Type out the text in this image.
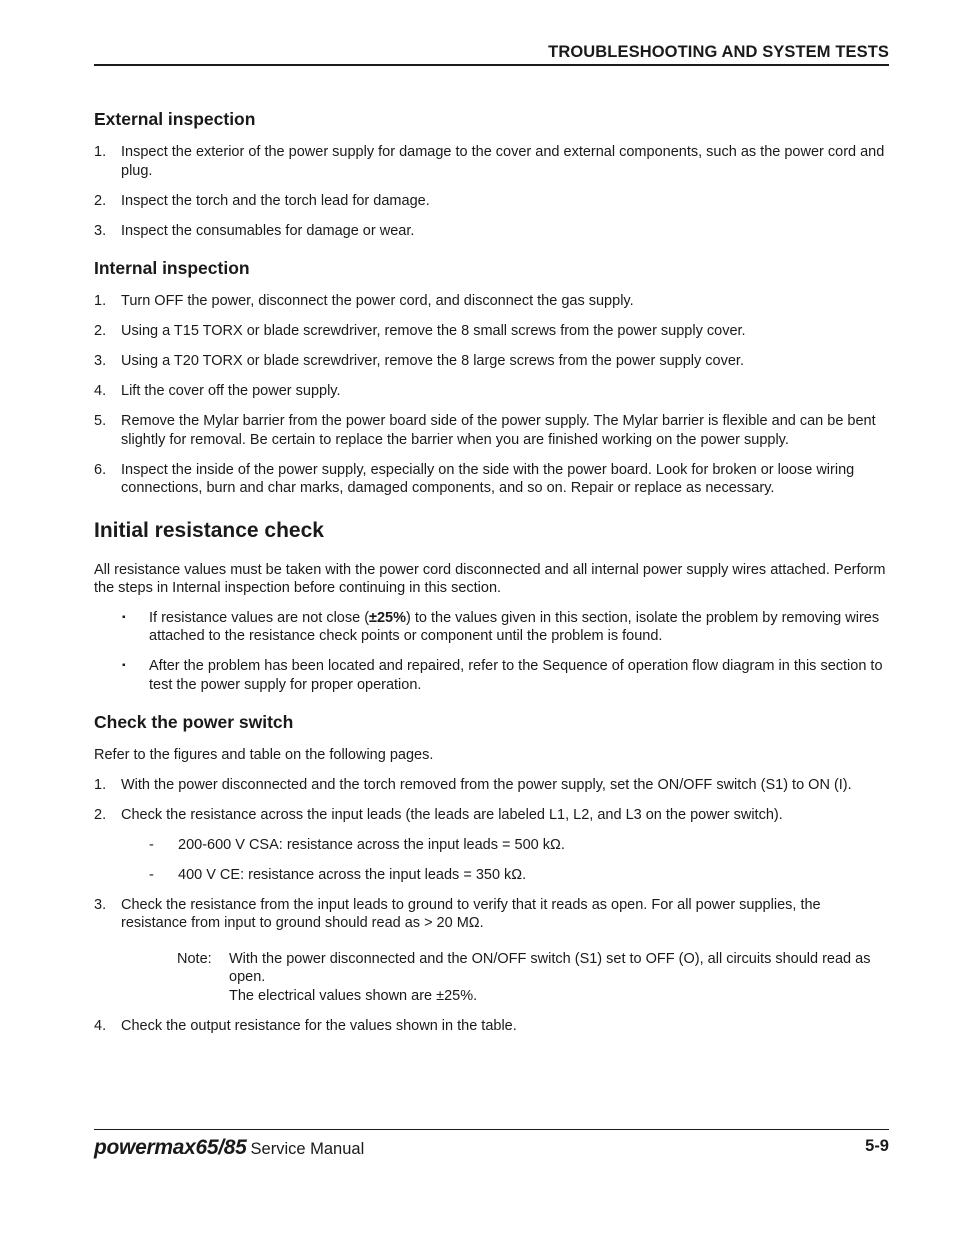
TROUBLESHOOTING AND SYSTEM TESTS
External inspection
1. Inspect the exterior of the power supply for damage to the cover and external components, such as the power cord and plug.
2. Inspect the torch and the torch lead for damage.
3. Inspect the consumables for damage or wear.
Internal inspection
1. Turn OFF the power, disconnect the power cord, and disconnect the gas supply.
2. Using a T15 TORX or blade screwdriver, remove the 8 small screws from the power supply cover.
3. Using a T20 TORX or blade screwdriver, remove the 8 large screws from the power supply cover.
4. Lift the cover off the power supply.
5. Remove the Mylar barrier from the power board side of the power supply. The Mylar barrier is flexible and can be bent slightly for removal. Be certain to replace the barrier when you are finished working on the power supply.
6. Inspect the inside of the power supply, especially on the side with the power board. Look for broken or loose wiring connections, burn and char marks, damaged components, and so on. Repair or replace as necessary.
Initial resistance check

All resistance values must be taken with the power cord disconnected and all internal power supply wires attached. Perform the steps in Internal inspection before continuing in this section.

▪ If resistance values are not close (±25%) to the values given in this section, isolate the problem by removing wires attached to the resistance check points or component until the problem is found.
▪ After the problem has been located and repaired, refer to the Sequence of operation flow diagram in this section to test the power supply for proper operation.
Check the power switch

Refer to the figures and table on the following pages.

1. With the power disconnected and the torch removed from the power supply, set the ON/OFF switch (S1) to ON (I).
2. Check the resistance across the input leads (the leads are labeled L1, L2, and L3 on the power switch).
-	200-600 V CSA: resistance across the input leads = 500 kΩ.
-	400 V CE: resistance across the input leads = 350 kΩ.
3. Check the resistance from the input leads to ground to verify that it reads as open. For all power supplies, the resistance from input to ground should read as > 20 MΩ.
Note:	With the power disconnected and the ON/OFF switch (S1) set to OFF (O), all circuits should read as open.
The electrical values shown are ±25%.
4. Check the output resistance for the values shown in the table.
powermax65/85 Service Manual	5-9
